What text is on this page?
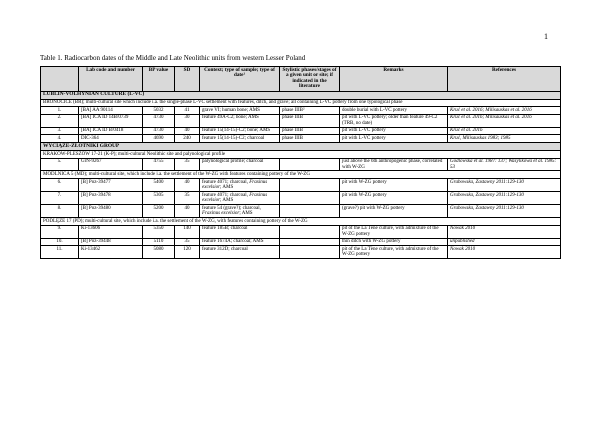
1
Table 1. Radiocarbon dates of the Middle and Late Neolithic units from western Lesser Poland
	Lab code and number	BP value	SD	Context; type of sample; type of date¹	Stylistic phases/stages of a given unit or site; if indicated in the literature	Remarks	References
LUBLIN-VOLHYNIAN CULTURE (L-VC)							
BRONOCICE (BR); multi-cultural site which include i.a. the single-phase L-VC settlement with features, ditch, and grave; all containing L-VC pottery from one typological phase							
1.	[BA] AA 90114	5032	41	grave VI; human bone; AMS	phase IIIB²	double burial with L-VC pottery	Kruć et al. 2016; Milisauskas et al. 2016
2.	[BA] ICA ID 14B/0739	4730	30	feature 49A-C2; bone; AMS	phase IIIB	pit with L-VC pottery; older than feature 49-C2 (TRB, no date)	Kruć et al. 2016; Milisauskas et al. 2016
3.	[BA] ICA ID B/0418	4730	40	feature 15(14-15)-C2; bone; AMS	phase IIIB	pit with L-VC pottery	Kruć et al. 2016
4.	DIC-364	4690	240	feature 15(14-15)-C2; charcoal	phase IIIB	pit with L-VC pottery	Kruć, Milisauskas 1983; 1985
WYCIĄŻE-ZŁOTNIKI GROUP							
KRAKÓW-PLESZÓW 17-21 (K-P); multi-cultural Neolithic site and palynological profile							
5.	GrN-9267	4755	35	palynological profile; charcoal		just above the 6th anthropogenic phase, correlated with W-ZG	Godlowska et al. 1987: 137; Wasylikowa et al. 1985: 53
MODLNICA 5 (MD); multi-cultural site, which include i.a. the settlement of the W-ZG with features containing pottery of the W-ZG							
6.	[B] Poz-39477	5400	40	feature 4071; charcoal, Fraxinus excelsior; AMS		pit with W-ZG pottery	Grabowska, Zastawny 2011:129-130
7.	[B] Poz-39478	5305	35	feature 4071; charcoal, Fraxinus excelsior; AMS		pit with W-ZG pottery	Grabowska, Zastawny 2011:129-130
8.	[B] Poz-39480	5200	40	feature 54 (grave?); charcoal, Fraxinus excelsior; AMS		(grave?) pit with W-ZG pottery	Grabowska, Zastawny 2011:129-130
PODLĘŻE 17 (PD); multi-cultural site, which include i.a. the settlement of the W-ZG, with features containing pottery of the W-ZG							
9.	Ki-13606	5350	140	feature 185B; charcoal		pit of the La Tène culture, with admixture of the W-ZG pottery	Nowak 2010
10.	[B] Poz-39448	5110	35	feature 1674A; charcoal; AMS		thin ditch with W-ZG pottery	unpublished
11.	Ki-13462	5080	120	feature 312D; charcoal		pit of the La Tène culture, with admixture of the W-ZG pottery	Nowak 2010
